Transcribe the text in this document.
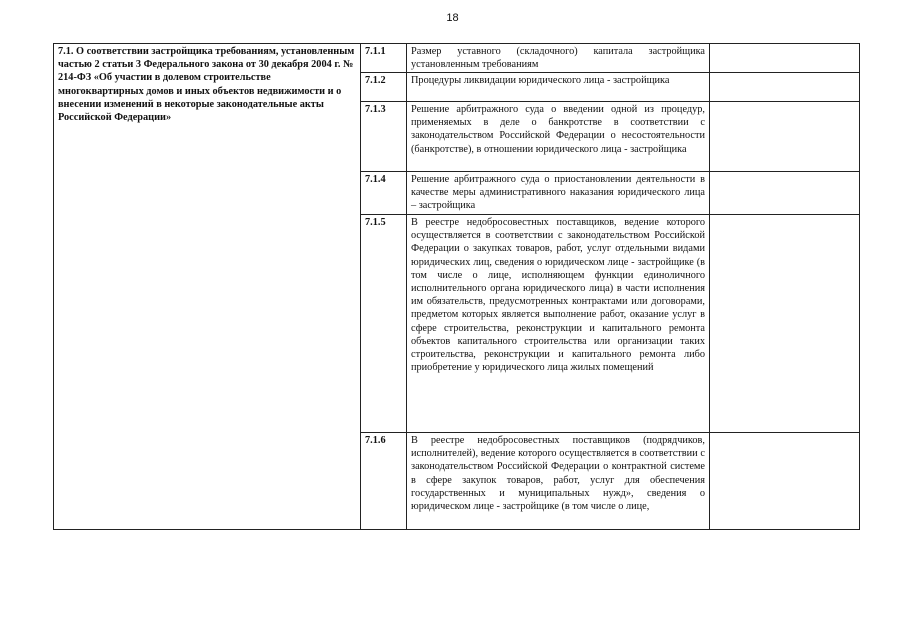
18
7.1. О соответствии застройщика требованиям, установленным частью 2 статьи 3 Федерального закона от 30 декабря 2004 г. № 214-ФЗ «Об участии в долевом строительстве многоквартирных домов и иных объектов недвижимости и о внесении изменений в некоторые законодательные акты Российской Федерации»	7.1.1	Размер уставного (складочного) капитала застройщика установленным требованиям	
	7.1.2	Процедуры ликвидации юридического лица - застройщика	
	7.1.3	Решение арбитражного суда о введении одной из процедур, применяемых в деле о банкротстве в соответствии с законодательством Российской Федерации о несостоятельности (банкротстве), в отношении юридического лица - застройщика	
	7.1.4	Решение арбитражного суда о приостановлении деятельности в качестве меры административного наказания юридического лица – застройщика	
	7.1.5	В реестре недобросовестных поставщиков, ведение которого осуществляется в соответствии с законодательством Российской Федерации о закупках товаров, работ, услуг отдельными видами юридических лиц, сведения о юридическом лице - застройщике (в том числе о лице, исполняющем функции единоличного исполнительного органа юридического лица) в части исполнения им обязательств, предусмотренных контрактами или договорами, предметом которых является выполнение работ, оказание услуг в сфере строительства, реконструкции и капитального ремонта объектов капитального строительства или организации таких строительства, реконструкции и капитального ремонта либо приобретение у юридического лица жилых помещений	
	7.1.6	В реестре недобросовестных поставщиков (подрядчиков, исполнителей), ведение которого осуществляется в соответствии с законодательством Российской Федерации о контрактной системе в сфере закупок товаров, работ, услуг для обеспечения государственных и муниципальных нужд», сведения о юридическом лице - застройщике (в том числе о лице,	
